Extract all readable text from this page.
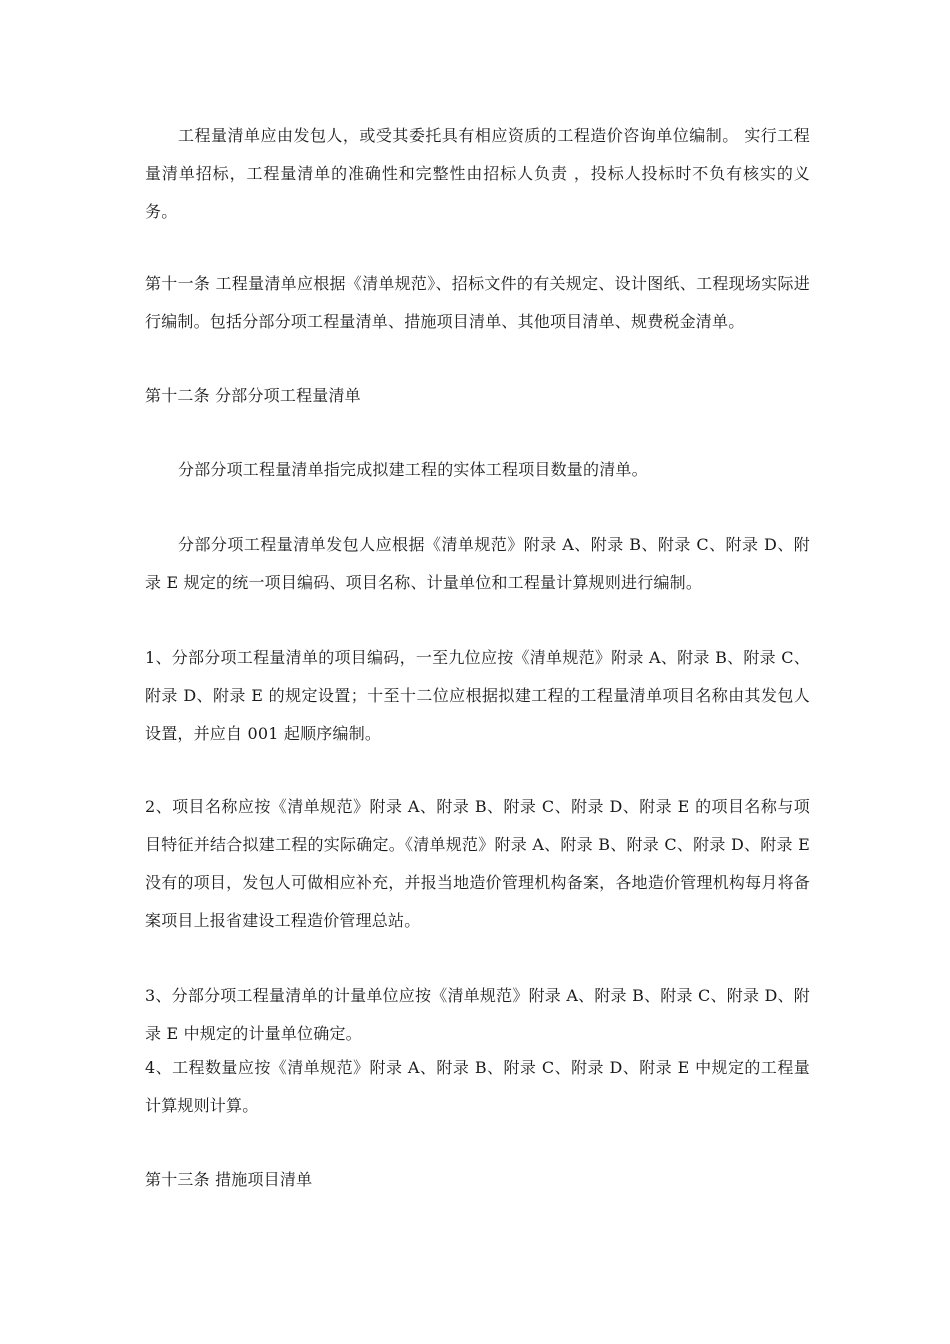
工程量清单应由发包人，或受其委托具有相应资质的工程造价咨询单位编制。 实行工程量清单招标，工程量清单的准确性和完整性由招标人负责 ，投标人投标时不负有核实的义务。

第十一条 工程量清单应根据《清单规范》、招标文件的有关规定、设计图纸、工程现场实际进行编制。包括分部分项工程量清单、措施项目清单、其他项目清单、规费税金清单。

第十二条 分部分项工程量清单

分部分项工程量清单指完成拟建工程的实体工程项目数量的清单。

分部分项工程量清单发包人应根据《清单规范》附录 A、附录 B、附录 C、附录 D、附录 E 规定的统一项目编码、项目名称、计量单位和工程量计算规则进行编制。

1、分部分项工程量清单的项目编码，一至九位应按《清单规范》附录 A、附录 B、附录 C、附录 D、附录 E 的规定设置；十至十二位应根据拟建工程的工程量清单项目名称由其发包人设置，并应自 001 起顺序编制。

2、项目名称应按《清单规范》附录 A、附录 B、附录 C、附录 D、附录 E 的项目名称与项目特征并结合拟建工程的实际确定。《清单规范》附录 A、附录 B、附录 C、附录 D、附录 E 没有的项目，发包人可做相应补充，并报当地造价管理机构备案，各地造价管理机构每月将备案项目上报省建设工程造价管理总站。

3、分部分项工程量清单的计量单位应按《清单规范》附录 A、附录 B、附录 C、附录 D、附录 E 中规定的计量单位确定。

4、工程数量应按《清单规范》附录 A、附录 B、附录 C、附录 D、附录 E 中规定的工程量计算规则计算。

第十三条 措施项目清单
